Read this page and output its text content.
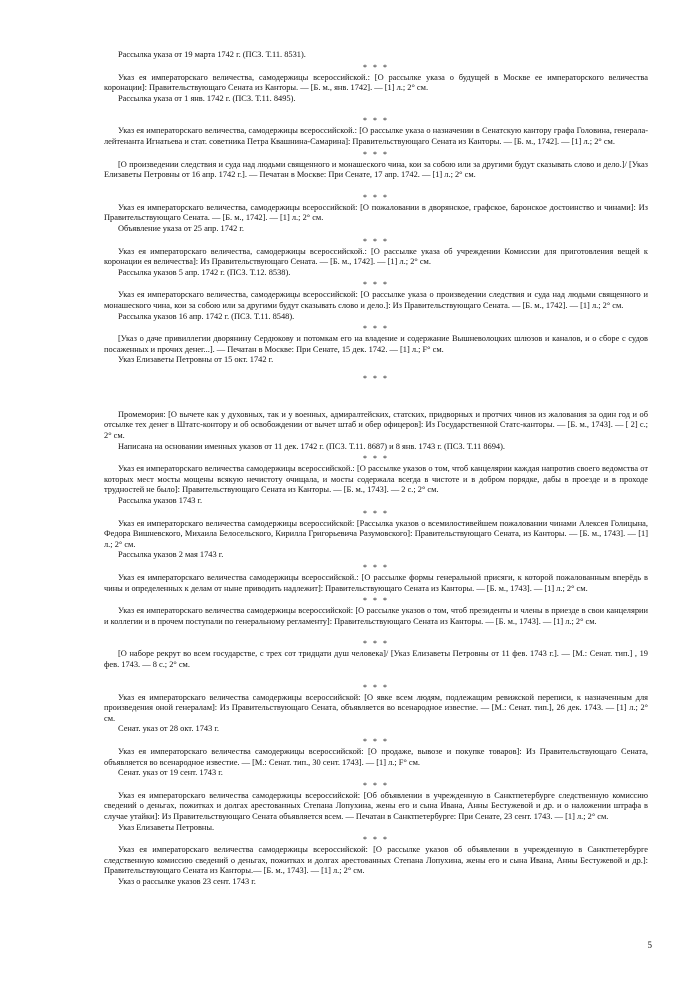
Рассылка указа от 19 марта 1742 г. (ПСЗ. Т.11. 8531).

* * *

Указ ея императорскаго величества, самодержицы всероссийской.: [О рассылке указа о будущей в Москве ее императорского величества коронации]: Правительствующаго Сената из Канторы. — [Б. м., янв. 1742]. — [1] л.; 2° см.

Рассылка указа от 1 янв. 1742 г. (ПСЗ. Т.11. 8495).

* * *

Указ ея императорскаго величества, самодержицы всероссийской.: [О рассылке указа о назначении в Сенатскую кантору графа Головина, генерала- лейтенанта Игнатьева и стат. советника Петра Квашнина-Самарина]: Правительствующаго Сената из Канторы. — [Б. м., 1742]. — [1] л.; 2° см.

* * *

[О произведении следствия и суда над людьми священного и монашеского чина, кои за собою или за другими будут сказывать слово и дело.]/ [Указ Елизаветы Петровны от 16 апр. 1742 г.]. — Печатан в Москве: При Сенате, 17 апр. 1742. — [1] л.; 2° см.

* * *

Указ ея императорскаго величества, самодержицы всероссийской: [О пожаловании в дворянское, графское, баронское достоинство и чинами]: Из Правительствующаго Сената. — [Б. м., 1742]. — [1] л.; 2° см.

Объявление указа от 25 апр. 1742 г.

* * *

Указ ея императорскаго величества, самодержицы всероссийской.: [О рассылке указа об учреждении Комиссии для приготовления вещей к коронации ея величества]: Из Правительствующаго Сената. — [Б. м., 1742]. — [1] л.; 2° см.

Рассылка указов 5 апр. 1742 г. (ПСЗ. Т.12. 8538).

* * *

Указ ея императорскаго величества, самодержицы всероссийской: [О рассылке указа о произведении следствия и суда над людьми священного и монашеского чина, кои за собою или за другими будут сказывать слово и дело.]: Из Правительствующаго Сената. — [Б. м., 1742]. — [1] л.; 2° см.

Рассылка указов 16 апр. 1742 г. (ПСЗ. Т.11. 8548).

* * *

[Указ о даче привиллегии дворянину Сердюкову и потомкам его на владение и содержание Вышневолоцких шлюзов и каналов, и о сборе с судов посаженных и прочих денег...]. — Печатан в Москве: При Сенате, 15 дек. 1742. — [1] л.; F° см.

Указ Елизаветы Петровны от 15 окт. 1742 г.

* * *

Промемория: [О вычете как у духовных, так и у военных, адмиралтейских, статских, придворных и протчих чинов из жалования за один год и об отсылке тех денег в Штатс-контору и об освобождении от вычет штаб и обер офицеров]: Из Государственной Статс-канторы. — [Б. м., 1743]. — [ 2] с.; 2° см.

Написана на основании именных указов от 11 дек. 1742 г. (ПСЗ. Т.11. 8687) и 8 янв. 1743 г. (ПСЗ. Т.11 8694).

* * *

Указ ея императорскаго величества самодержицы всероссийской.: [О рассылке указов о том, чтоб канцелярии каждая напротив своего ведомства от которых мест мосты мощены всякую нечистоту очищала, и мосты содержала всегда в чистоте и в добром порядке, дабы в проезде и в проходе трудностей не было]: Правительствующаго Сената из Канторы. — [Б. м., 1743]. — 2 с.; 2° см.

Рассылка указов 1743 г.

* * *

Указ ея императорскаго величества самодержицы всероссийской: [Рассылка указов о всемилостивейшем пожаловании чинами Алексея Голицына, Федора Вишневского, Михаила Белосельского, Кирилла Григорьевича Разумовского]: Правительствующаго Сената, из Канторы. — [Б. м., 1743]. — [1] л.; 2° см.

Рассылка указов 2 мая 1743 г.

* * *

Указ ея императорскаго величества самодержицы всероссийской.: [О рассылке формы генеральной присяги, к которой пожалованным вперёдь в чины и определенных к делам от ныне приводить надлежит]: Правительствующаго Сената из Канторы. — [Б. м., 1743]. — [1] л.; 2° см.

* * *

Указ ея императорскаго величества самодержицы всероссийской: [О рассылке указов о том, чтоб президенты и члены в приезде в свои канцелярии и коллегии и в прочем поступали по генеральному регламенту]: Правительствующаго Сената из Канторы. — [Б. м., 1743]. — [1] л.; 2° см.

* * *

[О наборе рекрут во всем государстве, с трех сот тридцати душ человека]/ [Указ Елизаветы Петровны от 11 фев. 1743 г.]. — [М.: Сенат. тип.] , 19 фев. 1743. — 8 с.; 2° см.

* * *

Указ ея императорскаго величества самодержицы всероссийской: [О явке всем людям, подлежащим ревижской переписи, к назначенным для произведения оной генералам]: Из Правительствующаго Сената, объявляется во всенародное известие. — [М.: Сенат. тип.], 26 дек. 1743. — [1] л.; 2° см.

Сенат. указ от 28 окт. 1743 г.

* * *

Указ ея императорскаго величества самодержицы всероссийской: [О продаже, вывозе и покупке товаров]: Из Правительствующаго Сената, объявляется во всенародное известие. — [М.: Сенат. тип., 30 сент. 1743]. — [1] л.; F° см.

Сенат. указ от 19 сент. 1743 г.

* * *

Указ ея императорскаго величества самодержицы всероссийской: [Об объявлении в учрежденную в Санктпетербурге следственную комиссию сведений о деньгах, пожитках и долгах арестованных Степана Лопухина, жены его и сына Ивана, Анны Бестужевой и др. и о наложении штрафа в случае утайки]: Из Правительствующаго Сената объявляется всем. — Печатан в Санктпетербурге: При Сенате, 23 сент. 1743. — [1] л.; 2° см.

Указ Елизаветы Петровны.

* * *

Указ ея императорскаго величества самодержицы всероссийской: [О рассылке указов об объявлении в учрежденную в Санктпетербурге следственную комиссию сведений о деньгах, пожитках и долгах арестованных Степана Лопухина, жены его и сына Ивана, Анны Бестужевой и др.]: Правительствующаго Сената из Канторы.— [Б. м., 1743]. — [1] л.; 2° см.

Указ о рассылке указов 23 сент. 1743 г.

5
